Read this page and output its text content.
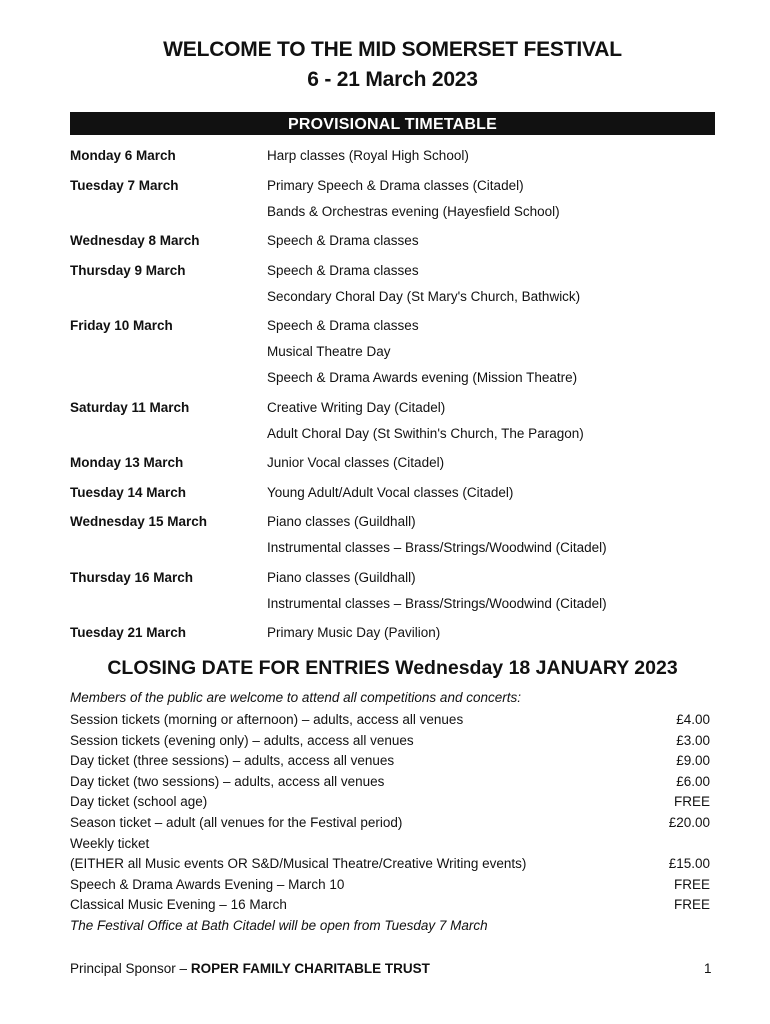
WELCOME TO THE MID SOMERSET FESTIVAL
6 - 21 March 2023
PROVISIONAL TIMETABLE
Monday 6 March	Harp classes (Royal High School)
Tuesday 7 March	Primary Speech & Drama classes (Citadel)
Bands & Orchestras evening (Hayesfield School)
Wednesday 8 March	Speech & Drama classes
Thursday 9 March	Speech & Drama classes
Secondary Choral Day (St Mary's Church, Bathwick)
Friday 10 March	Speech & Drama classes
Musical Theatre Day
Speech & Drama Awards evening (Mission Theatre)
Saturday 11 March	Creative Writing Day (Citadel)
Adult Choral Day (St Swithin's Church, The Paragon)
Monday 13 March	Junior Vocal classes (Citadel)
Tuesday 14 March	Young Adult/Adult Vocal classes (Citadel)
Wednesday 15 March	Piano classes (Guildhall)
Instrumental classes – Brass/Strings/Woodwind (Citadel)
Thursday 16 March	Piano classes (Guildhall)
Instrumental classes – Brass/Strings/Woodwind (Citadel)
Tuesday 21 March	Primary Music Day (Pavilion)
CLOSING DATE FOR ENTRIES Wednesday 18 JANUARY 2023
Members of the public are welcome to attend all competitions and concerts:
Session tickets (morning or afternoon) – adults, access all venues	£4.00
Session tickets (evening only) – adults, access all venues	£3.00
Day ticket (three sessions) – adults, access all venues	£9.00
Day ticket (two sessions) – adults, access all venues	£6.00
Day ticket (school age)	FREE
Season ticket – adult (all venues for the Festival period)	£20.00
Weekly ticket
(EITHER all Music events OR S&D/Musical Theatre/Creative Writing events)	£15.00
Speech & Drama Awards Evening – March 10	FREE
Classical Music Evening – 16 March	FREE
The Festival Office at Bath Citadel will be open from Tuesday 7 March
Principal Sponsor – ROPER FAMILY CHARITABLE TRUST	1
